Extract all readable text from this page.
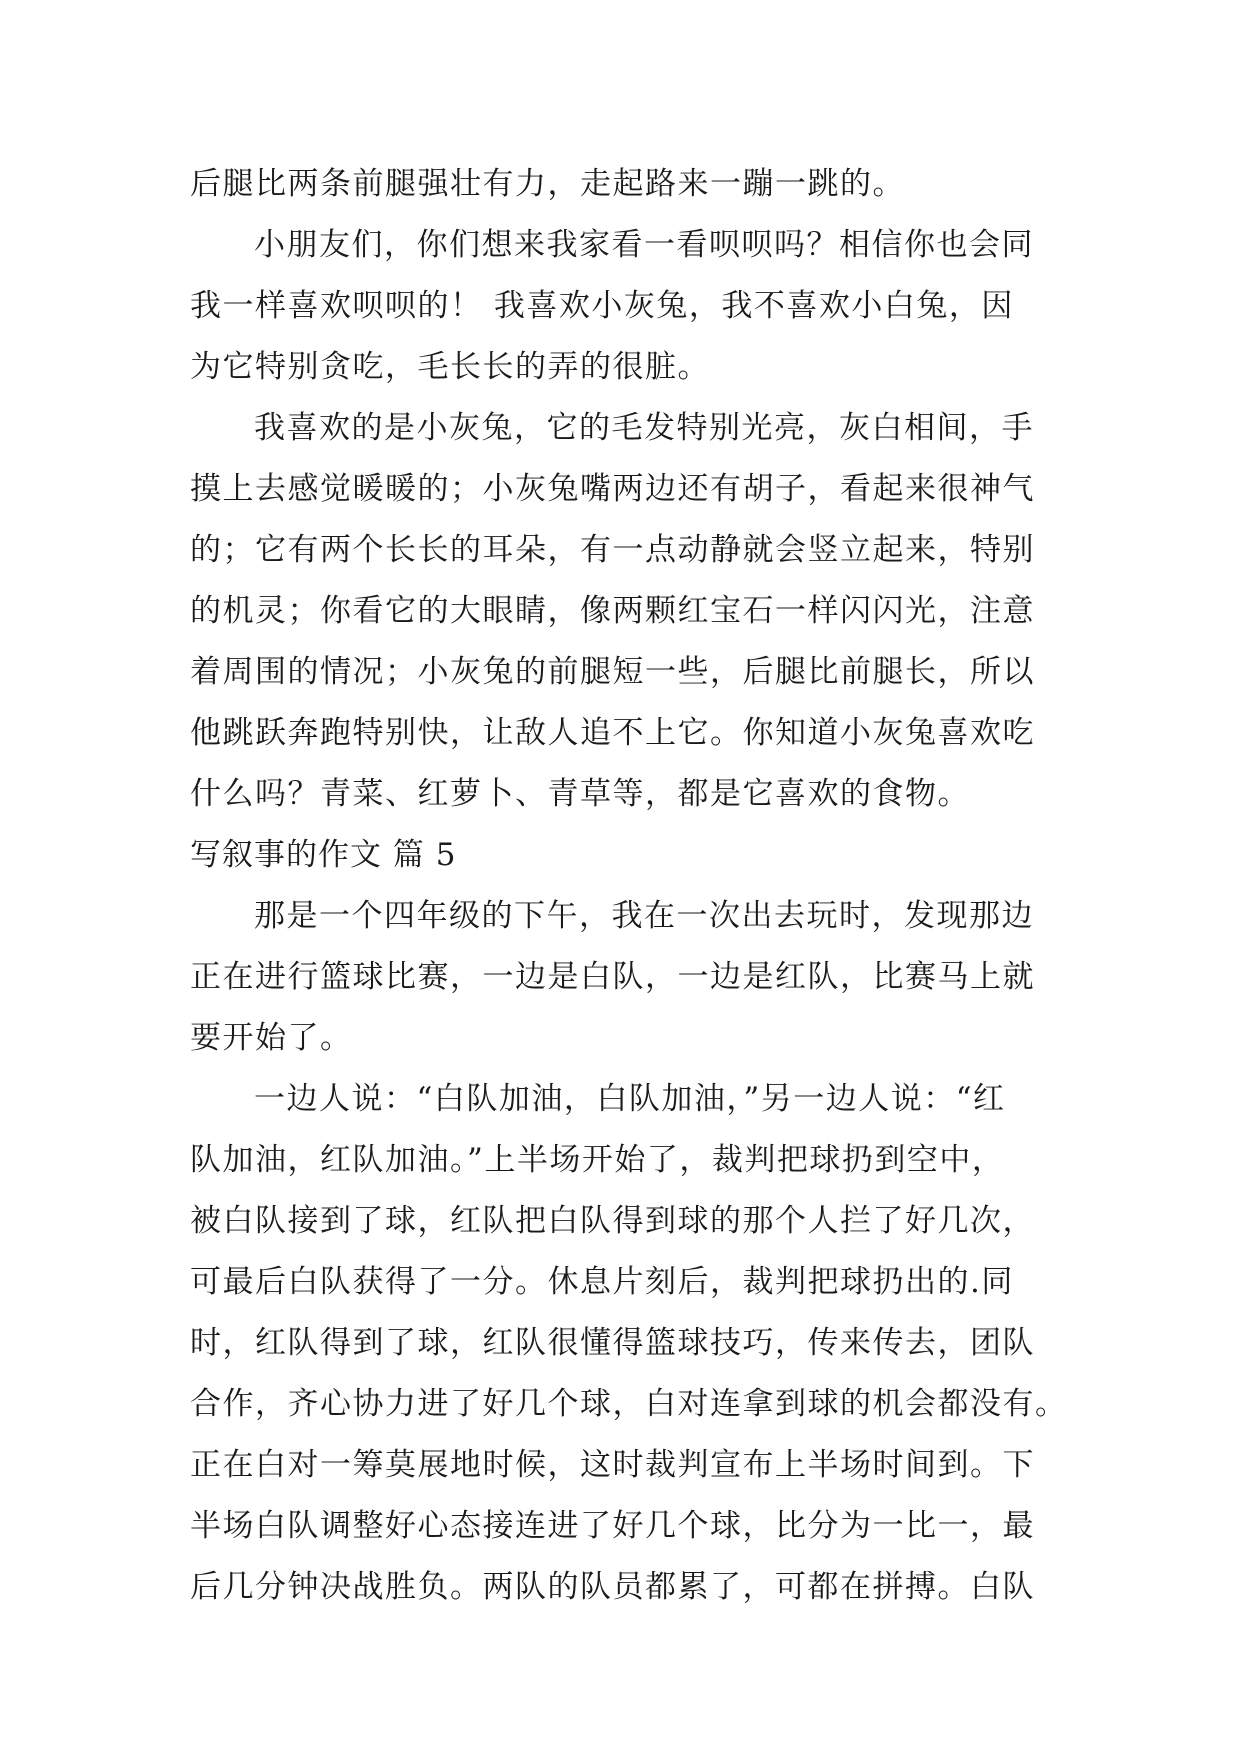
后腿比两条前腿强壮有力，走起路来一蹦一跳的。
小朋友们，你们想来我家看一看呗呗吗？相信你也会同
我一样喜欢呗呗的！ 我喜欢小灰兔，我不喜欢小白兔，因
为它特别贪吃，毛长长的弄的很脏。
我喜欢的是小灰兔，它的毛发特别光亮，灰白相间，手
摸上去感觉暖暖的；小灰兔嘴两边还有胡子，看起来很神气
的；它有两个长长的耳朵，有一点动静就会竖立起来，特别
的机灵；你看它的大眼睛，像两颗红宝石一样闪闪光，注意
着周围的情况；小灰兔的前腿短一些，后腿比前腿长，所以
他跳跃奔跑特别快，让敌人追不上它。你知道小灰兔喜欢吃
什么吗？青菜、红萝卜、青草等，都是它喜欢的食物。
写叙事的作文 篇 5
那是一个四年级的下午，我在一次出去玩时，发现那边
正在进行篮球比赛，一边是白队，一边是红队，比赛马上就
要开始了。
一边人说：“白队加油，白队加油，”另一边人说：“红
队加油，红队加油。”上半场开始了，裁判把球扔到空中，
被白队接到了球，红队把白队得到球的那个人拦了好几次，
可最后白队获得了一分。休息片刻后，裁判把球扔出的.同
时，红队得到了球，红队很懂得篮球技巧，传来传去，团队
合作，齐心协力进了好几个球，白对连拿到球的机会都没有。
正在白对一筹莫展地时候，这时裁判宣布上半场时间到。下
半场白队调整好心态接连进了好几个球，比分为一比一，最
后几分钟决战胜负。两队的队员都累了，可都在拼搏。白队
